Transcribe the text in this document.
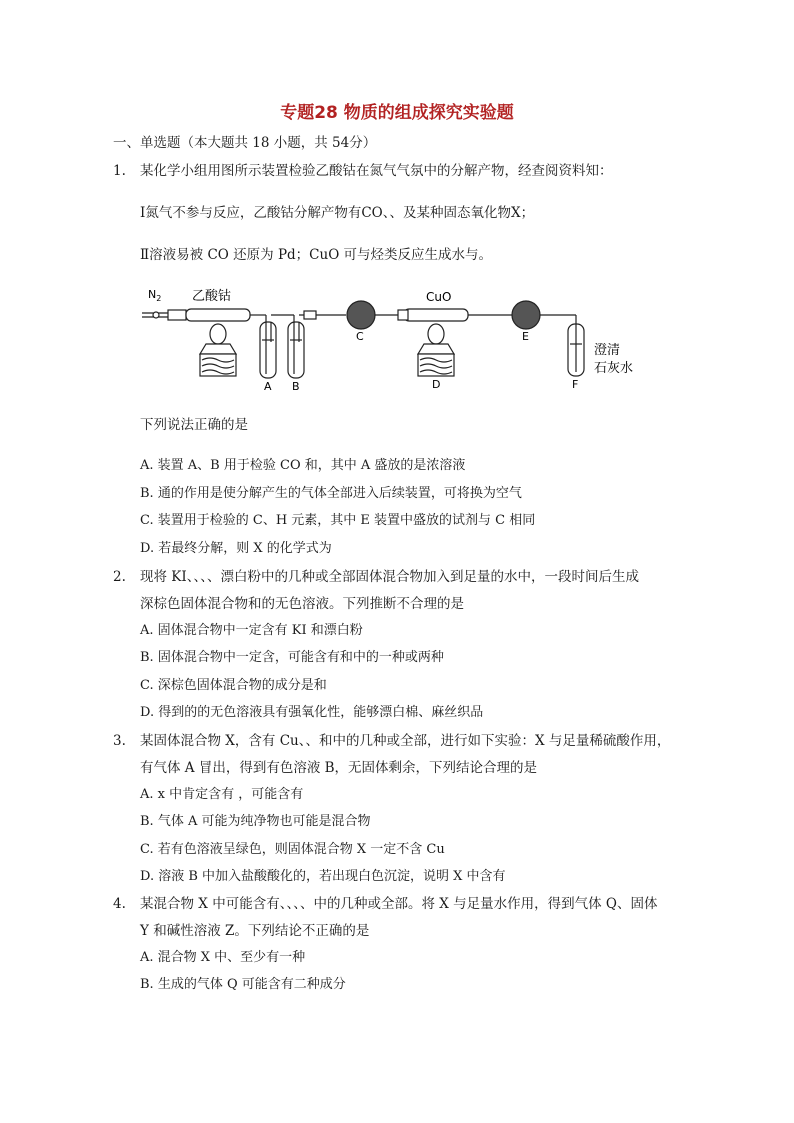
专题28 物质的组成探究实验题
一、单选题（本大题共 18 小题，共 54分）
1. 某化学小组用图所示装置检验乙酸钴在氮气气氛中的分解产物，经查阅资料知：
Ⅰ氮气不参与反应，乙酸钴分解产物有CO、、及某种固态氧化物X；
Ⅱ溶液易被 CO 还原为 Pd；CuO 可与烃类反应生成水与。
$N_2$ 乙酸钴	CuO
澄清
石灰水
A B
C
D
E
F
下列说法正确的是
A. 装置 A、B 用于检验 CO 和，其中 A 盛放的是浓溶液
B. 通的作用是使分解产生的气体全部进入后续装置，可将换为空气
C. 装置用于检验的 C、H 元素，其中 E 装置中盛放的试剂与 C 相同
D. 若最终分解，则 X 的化学式为
2. 现将 KI、、、、漂白粉中的几种或全部固体混合物加入到足量的水中，一段时间后生成
深棕色固体混合物和的无色溶液。下列推断不合理的是
A. 固体混合物中一定含有 KI 和漂白粉
B. 固体混合物中一定含，可能含有和中的一种或两种
C. 深棕色固体混合物的成分是和
D. 得到的的无色溶液具有强氧化性，能够漂白棉、麻丝织品
3. 某固体混合物 X，含有 Cu、、和中的几种或全部，进行如下实验：X 与足量稀硫酸作用，
有气体 A 冒出，得到有色溶液 B，无固体剩余，下列结论合理的是
A. x 中肯定含有 ，可能含有
B. 气体 A 可能为纯净物也可能是混合物
C. 若有色溶液呈绿色，则固体混合物 X 一定不含 Cu
D. 溶液 B 中加入盐酸酸化的，若出现白色沉淀，说明 X 中含有
4. 某混合物 X 中可能含有、、、、中的几种或全部。将 X 与足量水作用，得到气体 Q、固体
Y 和碱性溶液 Z。下列结论不正确的是
A. 混合物 X 中、至少有一种
B. 生成的气体 Q 可能含有二种成分
